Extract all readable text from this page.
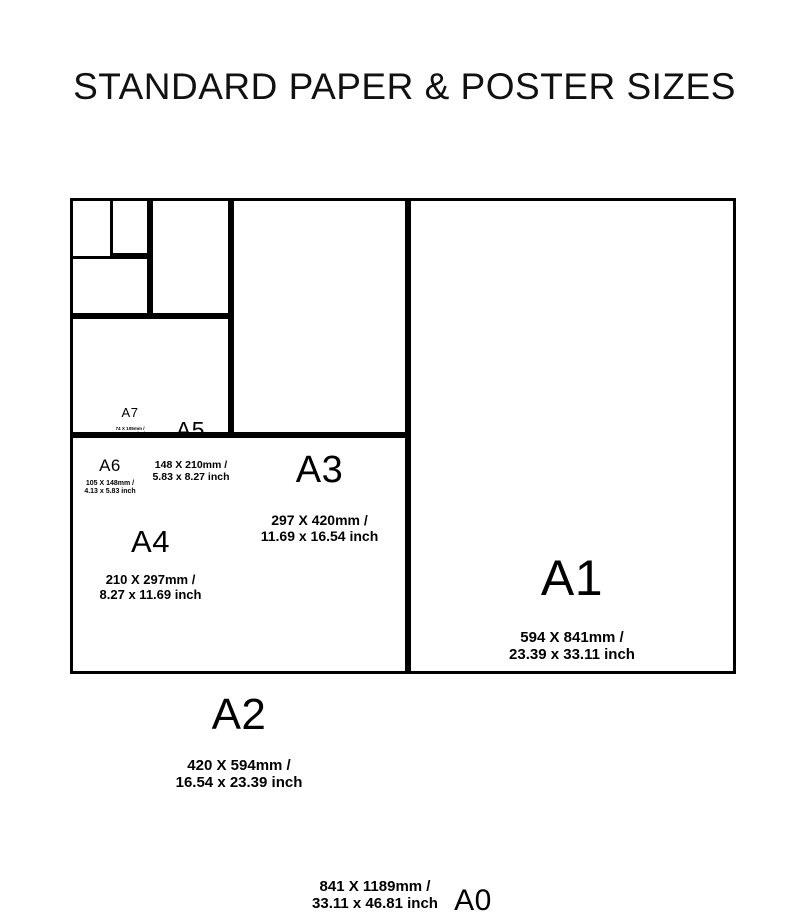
STANDARD PAPER & POSTER SIZES
A7
74 X 105mm /
2.91 x 4.13 inch
A6
105 X 148mm /
4.13 x 5.83 inch
A5
148 X 210mm /
5.83 x 8.27 inch
A4
210 X 297mm /
8.27 x 11.69 inch
A3
297 X 420mm /
11.69 x 16.54 inch
A2
420 X 594mm /
16.54 x 23.39 inch
A1
594 X 841mm /
23.39 x 33.11 inch
A0
841 X 1189mm /
33.11 x 46.81 inch
